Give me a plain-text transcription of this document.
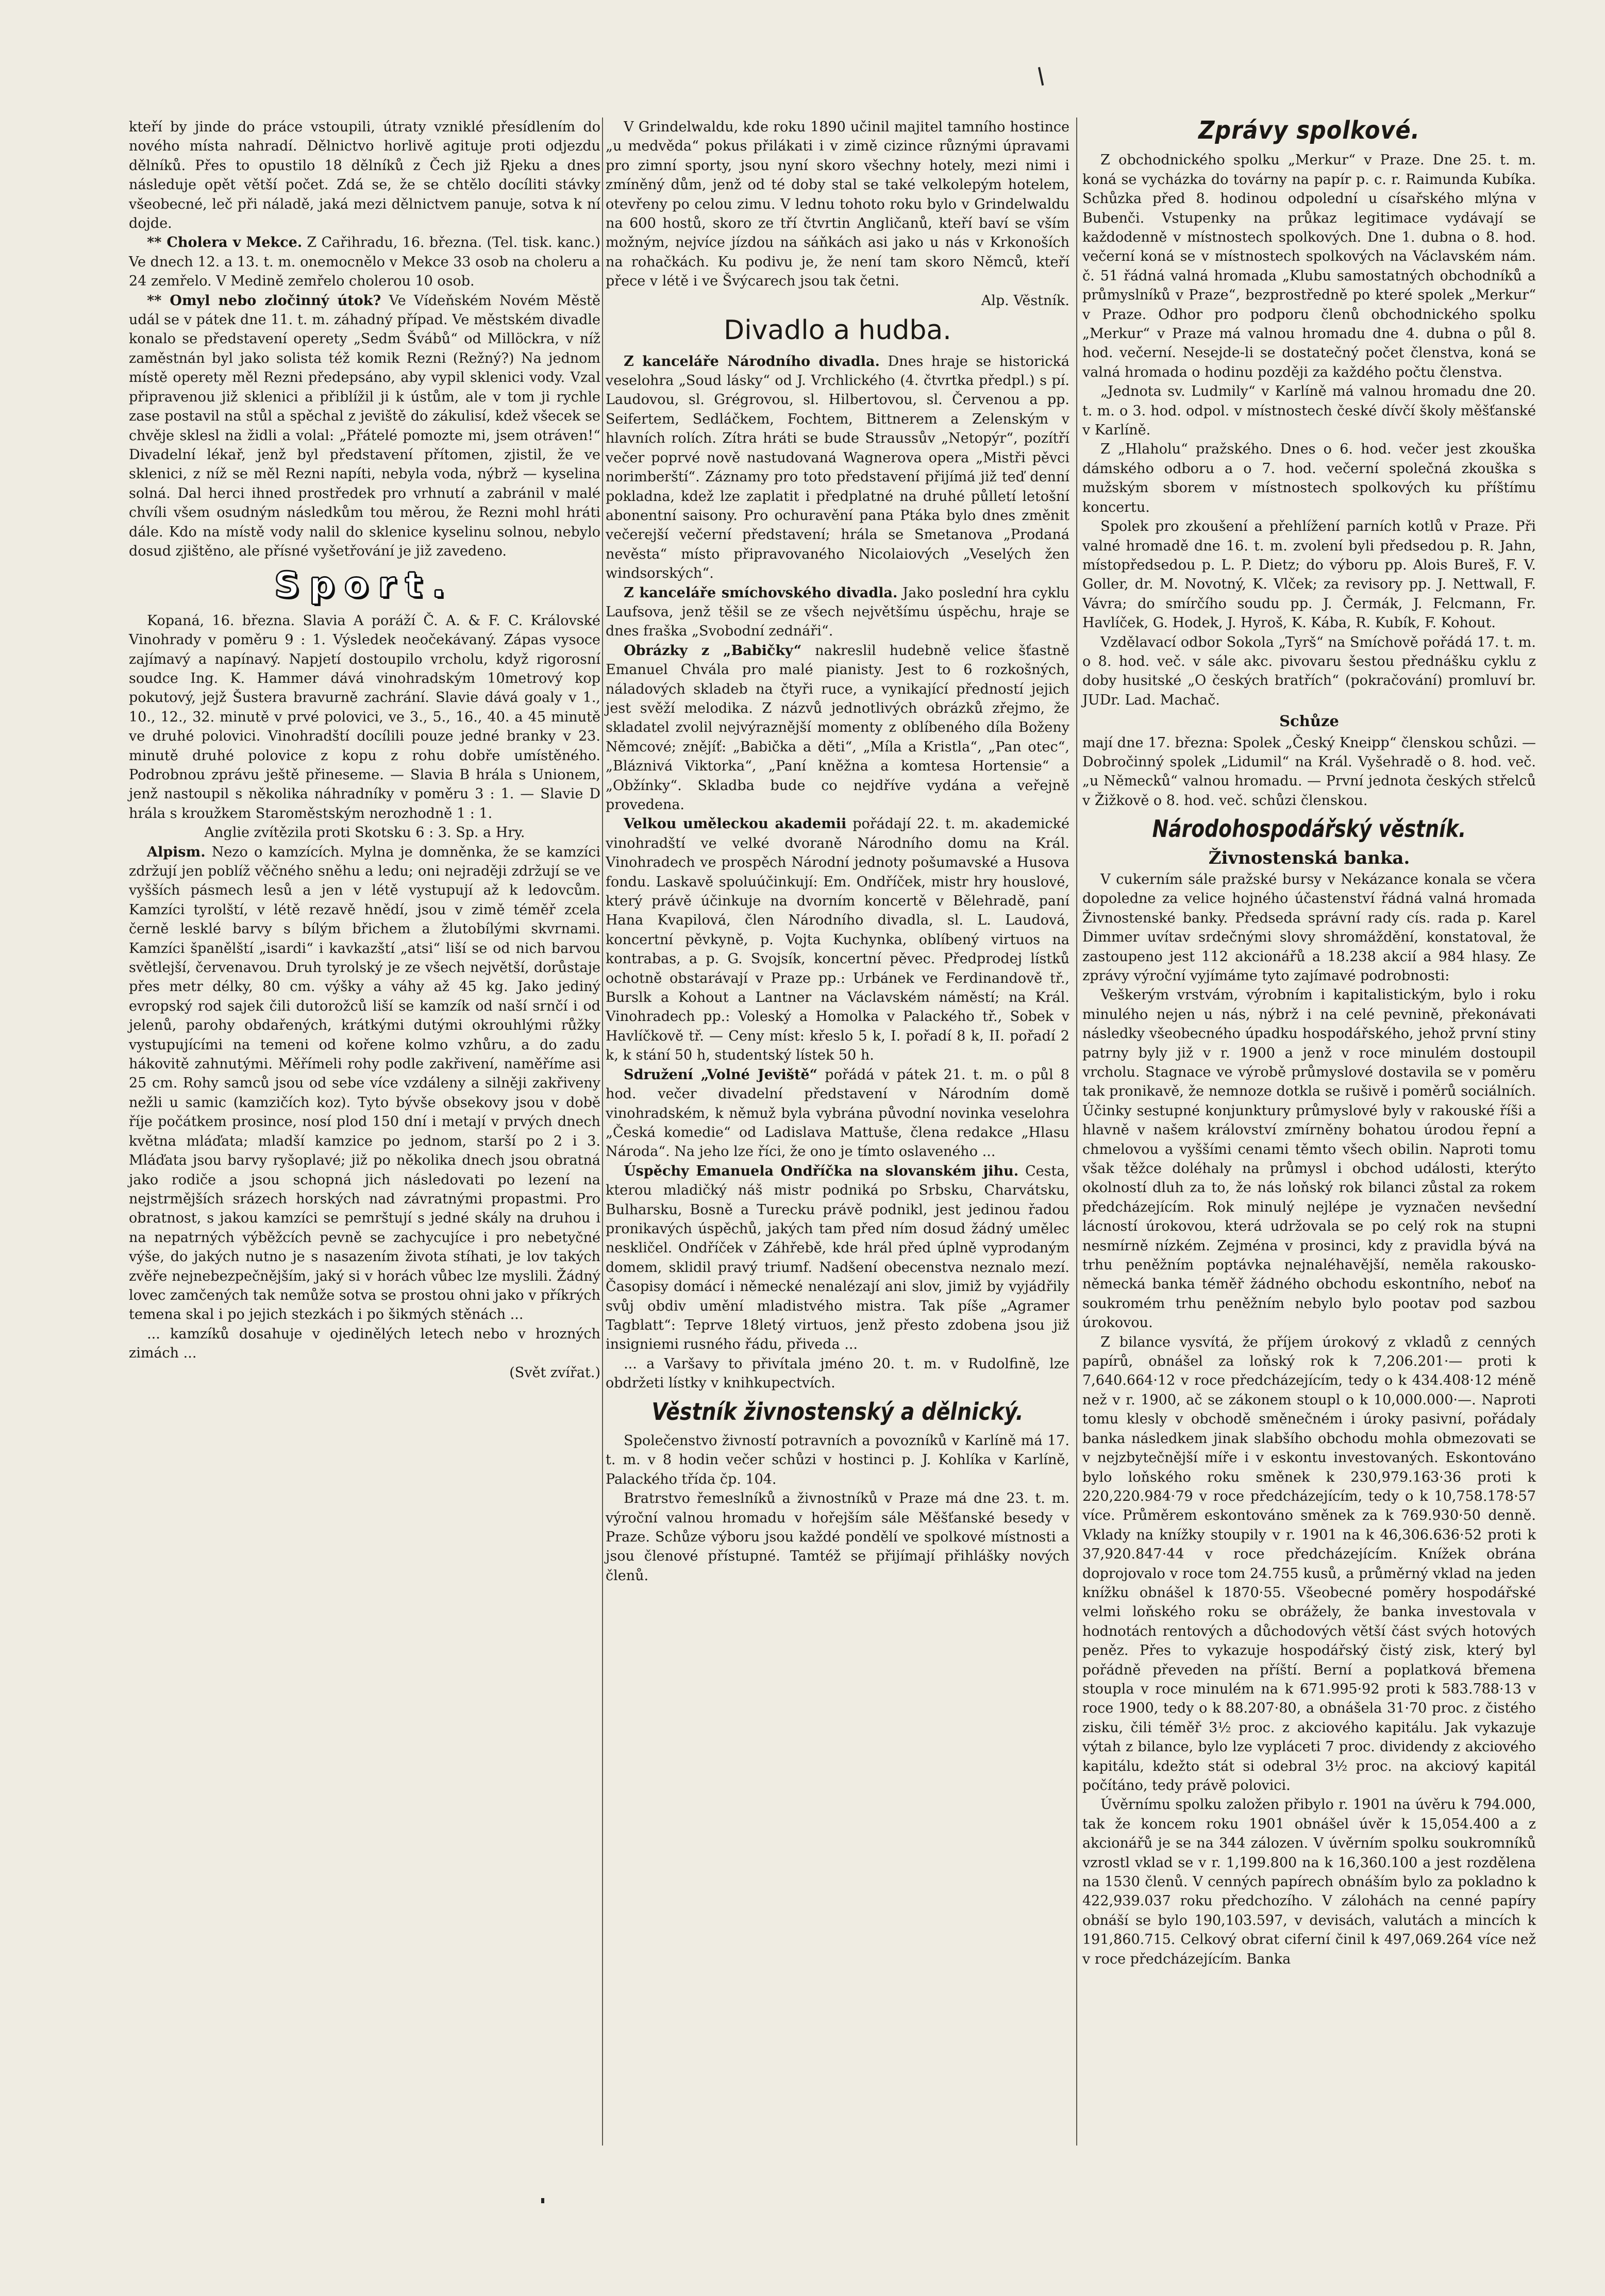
kteří by jinde do práce vstoupili, útraty vzniklé přesídlením do nového místa nahradí. Dělnictvo horlivě agituje proti odjezdu dělníků. Přes to opustilo 18 dělníků z Čech již Rjeku a dnes následuje opět větší počet. Zdá se, že se chtělo docíliti stávky všeobecné, leč při náladě, jaká mezi dělnictvem panuje, sotva k ní dojde.

** Cholera v Mekce. Z Cařihradu, 16. března. (Tel. tisk. kanc.) Ve dnech 12. a 13. t. m. onemocnělo v Mekce 33 osob na choleru a 24 zemřelo. V Medině zemřelo cholerou 10 osob.

** Omyl nebo zločinný útok? Ve Vídeňském Novém Městě udál se v pátek dne 11. t. m. záhadný případ. Ve městském divadle konalo se představení operety „Sedm Švábů“ od Millöckra, v níž zaměstnán byl jako solista též komik Rezni (Režný?) Na jednom místě operety měl Rezni předepsáno, aby vypil sklenici vody. Vzal připravenou již sklenici a přiblížil ji k ústům, ale v tom ji rychle zase postavil na stůl a spěchal z jeviště do zákulisí, kdež všecek se chvěje sklesl na židli a volal: „Přátelé pomozte mi, jsem otráven!“ Divadelní lékař, jenž byl představení přítomen, zjistil, že ve sklenici, z níž se měl Rezni napíti, nebyla voda, nýbrž — kyselina solná. Dal herci ihned prostředek pro vrhnutí a zabránil v malé chvíli všem osudným následkům tou měrou, že Rezni mohl hráti dále. Kdo na místě vody nalil do sklenice kyselinu solnou, nebylo dosud zjištěno, ale přísné vyšetřování je již zavedeno.

Sport.

Kopaná, 16. března. Slavia A poráží Č. A. & F. C. Královské Vinohrady v poměru 9 : 1. Výsledek neočekávaný. Zápas vysoce zajímavý a napínavý. Napjetí dostoupilo vrcholu, když rigorosní soudce Ing. K. Hammer dává vinohradským 10metrový kop pokutový, jejž Šustera bravurně zachrání. Slavie dává goaly v 1., 10., 12., 32. minutě v prvé polovici, ve 3., 5., 16., 40. a 45 minutě ve druhé polovici. Vinohradští docílili pouze jedné branky v 23. minutě druhé polovice z kopu z rohu dobře umístěného. Podrobnou zprávu ještě přineseme. — Slavia B hrála s Unionem, jenž nastoupil s několika náhradníky v poměru 3 : 1. — Slavie D hrála s kroužkem Staroměstským nerozhodně 1 : 1.

Anglie zvítězila proti Skotsku 6 : 3. Sp. a Hry.

Alpism. Nezo o kamzících. Mylna je domněnka, že se kamzíci zdržují jen poblíž věčného sněhu a ledu; oni nejraději zdržují se ve vyšších pásmech lesů a jen v létě vystupují až k ledovcům. Kamzíci tyrolští, v létě rezavě hnědí, jsou v zimě téměř zcela černě lesklé barvy s bílým břichem a žlutobílými skvrnami. Kamzíci španělští „isardi“ i kavkazští „atsi“ liší se od nich barvou světlejší, červenavou. Druh tyrolský je ze všech největší, dorůstaje přes metr délky, 80 cm. výšky a váhy až 45 kg. Jako jediný evropský rod sajek čili dutorožců liší se kamzík od naší srnčí i od jelenů, parohy obdařených, krátkými dutými okrouhlými růžky vystupujícími na temeni od kořene kolmo vzhůru, a do zadu hákovitě zahnutými. Měřímeli rohy podle zakřivení, naměříme asi 25 cm. Rohy samců jsou od sebe více vzdáleny a silněji zakřiveny nežli u samic (kamzičích koz). Tyto bývše obsekovy jsou v době říje počátkem prosince, nosí plod 150 dní i metají v prvých dnech května mláďata; mladší kamzice po jednom, starší po 2 i 3. Mláďata jsou barvy ryšoplavé; již po několika dnech jsou obratná jako rodiče a jsou schopná jich následovati po lezení na nejstrmějších srázech horských nad závratnými propastmi. Pro obratnost, s jakou kamzíci se pemrštují s jedné skály na druhou i na nepatrných výběžcích pevně se zachycujíce i pro nebetyčné výše, do jakých nutno je s nasazením života stíhati, je lov takých zvěře nejnebezpečnějším, jaký si v horách vůbec lze myslili. Žádný lovec zamčených tak nemůže sotva se prostou ohni jako v příkrých temena skal i po jejich stezkách i po šikmých stěnách ...

... kamzíků dosahuje v ojedinělých letech nebo v hrozných zimách ...

(Svět zvířat.)

V Grindelwaldu, kde roku 1890 učinil majitel tamního hostince „u medvěda“ pokus přilákati i v zimě cizince různými úpravami pro zimní sporty, jsou nyní skoro všechny hotely, mezi nimi i zmíněný dům, jenž od té doby stal se také velkolepým hotelem, otevřeny po celou zimu. V lednu tohoto roku bylo v Grindelwaldu na 600 hostů, skoro ze tří čtvrtin Angličanů, kteří baví se vším možným, nejvíce jízdou na sáňkách asi jako u nás v Krkonoších na rohačkách. Ku podivu je, že není tam skoro Němců, kteří přece v létě i ve Švýcarech jsou tak četni.

Alp. Věstník.
Divadlo a hudba.

Z kanceláře Národního divadla. Dnes hraje se historická veselohra „Soud lásky“ od J. Vrchlického (4. čtvrtka předpl.) s pí. Laudovou, sl. Grégrovou, sl. Hilbertovou, sl. Červenou a pp. Seifertem, Sedláčkem, Fochtem, Bittnerem a Zelenským v hlavních rolích. Zítra hráti se bude Straussův „Netopýr“, pozítří večer poprvé nově nastudovaná Wagnerova opera „Mistři pěvci norimberští“. Záznamy pro toto představení přijímá již teď denní pokladna, kdež lze zaplatit i předplatné na druhé půlletí letošní abonentní saisony. Pro ochuravění pana Ptáka bylo dnes změnit večerejší večerní představení; hrála se Smetanova „Prodaná nevěsta“ místo připravovaného Nicolaiových „Veselých žen windsorských“.

Z kanceláře smíchovského divadla. Jako poslední hra cyklu Laufsova, jenž těšil se ze všech největšímu úspěchu, hraje se dnes fraška „Svobodní zednáři“.

Obrázky z „Babičky“ nakreslil hudebně velice šťastně Emanuel Chvála pro malé pianisty. Jest to 6 rozkošných, náladových skladeb na čtyři ruce, a vynikající předností jejich jest svěží melodika. Z názvů jednotlivých obrázků zřejmo, že skladatel zvolil nejvýraznější momenty z oblíbeného díla Boženy Němcové; znějíť: „Babička a děti“, „Míla a Kristla“, „Pan otec“, „Bláznivá Viktorka“, „Paní kněžna a komtesa Hortensie“ a „Obžínky“. Skladba bude co nejdříve vydána a veřejně provedena.

Velkou uměleckou akademii pořádají 22. t. m. akademické vinohradští ve velké dvoraně Národního domu na Král. Vinohradech ve prospěch Národní jednoty pošumavské a Husova fondu. Laskavě spoluúčinkují: Em. Ondříček, mistr hry houslové, který právě účinkuje na dvorním koncertě v Bělehradě, paní Hana Kvapilová, člen Národního divadla, sl. L. Laudová, koncertní pěvkyně, p. Vojta Kuchynka, oblíbený virtuos na kontrabas, a p. G. Svojsík, koncertní pěvec. Předprodej lístků ochotně obstarávají v Praze pp.: Urbánek ve Ferdinandově tř., Burslk a Kohout a Lantner na Václavském náměstí; na Král. Vinohradech pp.: Voleský a Homolka v Palackého tř., Sobek v Havlíčkově tř. — Ceny míst: křeslo 5 k, I. pořadí 8 k, II. pořadí 2 k, k stání 50 h, studentský lístek 50 h.

Sdružení „Volné Jeviště“ pořádá v pátek 21. t. m. o půl 8 hod. večer divadelní představení v Národním domě vinohradském, k němuž byla vybrána původní novinka veselohra „Česká komedie“ od Ladislava Mattuše, člena redakce „Hlasu Národa“. Na jeho lze říci, že ono je tímto oslaveného ...

Úspěchy Emanuela Ondříčka na slovanském jihu. Cesta, kterou mladičký náš mistr podniká po Srbsku, Charvátsku, Bulharsku, Bosně a Turecku právě podnikl, jest jedinou řadou pronikavých úspěchů, jakých tam před ním dosud žádný umělec neskličel. Ondříček v Záhřebě, kde hrál před úplně vyprodaným domem, sklidil pravý triumf. Nadšení obecenstva neznalo mezí. Časopisy domácí i německé nenalézají ani slov, jimiž by vyjádřily svůj obdiv umění mladistvého mistra. Tak píše „Agramer Tagblatt“: Teprve 18letý virtuos, jenž přesto zdobena jsou již insigniemi rusného řádu, přiveda ...

... a Varšavy to přivítala jméno 20. t. m. v Rudolfině, lze obdržeti lístky v knihkupectvích.

Věstník živnostenský a dělnický.

Společenstvo živností potravních a povozníků v Karlíně má 17. t. m. v 8 hodin večer schůzi v hostinci p. J. Kohlíka v Karlíně, Palackého třída čp. 104.

Bratrstvo řemeslníků a živnostníků v Praze má dne 23. t. m. výroční valnou hromadu v hořejším sále Měšťanské besedy v Praze. Schůze výboru jsou každé pondělí ve spolkové místnosti a jsou členové přístupné. Tamtéž se přijímají přihlášky nových členů.

Zprávy spolkové.

Z obchodnického spolku „Merkur“ v Praze. Dne 25. t. m. koná se vycházka do továrny na papír p. c. r. Raimunda Kubíka. Schůzka před 8. hodinou odpolední u císařského mlýna v Bubenči. Vstupenky na průkaz legitimace vydávají se každodenně v místnostech spolkových. Dne 1. dubna o 8. hod. večerní koná se v místnostech spolkových na Václavském nám. č. 51 řádná valná hromada „Klubu samostatných obchodníků a průmyslníků v Praze“, bezprostředně po které spolek „Merkur“ v Praze. Odhor pro podporu členů obchodnického spolku „Merkur“ v Praze má valnou hromadu dne 4. dubna o půl 8. hod. večerní. Nesejde-li se dostatečný počet členstva, koná se valná hromada o hodinu později za každého počtu členstva.

„Jednota sv. Ludmily“ v Karlíně má valnou hromadu dne 20. t. m. o 3. hod. odpol. v místnostech české dívčí školy měšťanské v Karlíně.

Z „Hlaholu“ pražského. Dnes o 6. hod. večer jest zkouška dámského odboru a o 7. hod. večerní společná zkouška s mužským sborem v místnostech spolkových ku příštímu koncertu.

Spolek pro zkoušení a přehlížení parních kotlů v Praze. Při valné hromadě dne 16. t. m. zvolení byli předsedou p. R. Jahn, místopředsedou p. L. P. Dietz; do výboru pp. Alois Bureš, F. V. Goller, dr. M. Novotný, K. Vlček; za revisory pp. J. Nettwall, F. Vávra; do smírčího soudu pp. J. Čermák, J. Felcmann, Fr. Havlíček, G. Hodek, J. Hyroš, K. Kába, R. Kubík, F. Kohout.

Vzdělavací odbor Sokola „Tyrš“ na Smíchově pořádá 17. t. m. o 8. hod. več. v sále akc. pivovaru šestou přednášku cyklu z doby husitské „O českých bratřích“ (pokračování) promluví br. JUDr. Lad. Machač.

Schůze

mají dne 17. března: Spolek „Český Kneipp“ členskou schůzi. — Dobročinný spolek „Lidumil“ na Král. Vyšehradě o 8. hod. več. „u Německů“ valnou hromadu. — První jednota českých střelců v Žižkově o 8. hod. več. schůzi členskou.

Národohospodářský věstník.
Živnostenská banka.

V cukerním sále pražské bursy v Nekázance konala se včera dopoledne za velice hojného účastenství řádná valná hromada Živnostenské banky. Předseda správní rady cís. rada p. Karel Dimmer uvítav srdečnými slovy shromáždění, konstatoval, že zastoupeno jest 112 akcionářů a 18.238 akcií a 984 hlasy. Ze zprávy výroční vyjímáme tyto zajímavé podrobnosti:

Veškerým vrstvám, výrobním i kapitalistickým, bylo i roku minulého nejen u nás, nýbrž i na celé pevnině, překonávati následky všeobecného úpadku hospodářského, jehož první stiny patrny byly již v r. 1900 a jenž v roce minulém dostoupil vrcholu. Stagnace ve výrobě průmyslové dostavila se v poměru tak pronikavě, že nemnoze dotkla se rušivě i poměrů sociálních. Účinky sestupné konjunktury průmyslové byly v rakouské říši a hlavně v našem království zmírněny bohatou úrodou řepní a chmelovou a vyššími cenami těmto všech obilin. Naproti tomu však těžce doléhaly na průmysl i obchod události, kterýto okolností dluh za to, že nás loňský rok bilanci zůstal za rokem předcházejícím. Rok minulý nejlépe je vyznačen nevšední lácností úrokovou, která udržovala se po celý rok na stupni nesmírně nízkém. Zejména v prosinci, kdy z pravidla bývá na trhu peněžním poptávka nejnaléhavější, neměla rakousko-německá banka téměř žádného obchodu eskontního, neboť na soukromém trhu peněžním nebylo bylo pootav pod sazbou úrokovou.

Z bilance vysvítá, že příjem úrokový z vkladů z cenných papírů, obnášel za loňský rok k 7,206.201·— proti k 7,640.664·12 v roce předcházejícím, tedy o k 434.408·12 méně než v r. 1900, ač se zákonem stoupl o k 10,000.000·—. Naproti tomu klesly v obchodě směnečném i úroky pasivní, pořádaly banka následkem jinak slabšího obchodu mohla obmezovati se v nejzbytečnější míře i v eskontu investovaných. Eskontováno bylo loňského roku směnek k 230,979.163·36 proti k 220,220.984·79 v roce předcházejícím, tedy o k 10,758.178·57 více. Průměrem eskontováno směnek za k 769.930·50 denně. Vklady na knížky stoupily v r. 1901 na k 46,306.636·52 proti k 37,920.847·44 v roce předcházejícím. Knížek obrána doprojovalo v roce tom 24.755 kusů, a průměrný vklad na jeden knížku obnášel k 1870·55. Všeobecné poměry hospodářské velmi loňského roku se obrážely, že banka investovala v hodnotách rentových a důchodových větší část svých hotových peněz. Přes to vykazuje hospodářský čistý zisk, který byl pořádně převeden na příští. Berní a poplatková břemena stoupla v roce minulém na k 671.995·92 proti k 583.788·13 v roce 1900, tedy o k 88.207·80, a obnášela 31·70 proc. z čistého zisku, čili téměř 3½ proc. z akciového kapitálu. Jak vykazuje výtah z bilance, bylo lze vypláceti 7 proc. dividendy z akciového kapitálu, kdežto stát si odebral 3½ proc. na akciový kapitál počítáno, tedy právě polovici.

Úvěrnímu spolku založen přibylo r. 1901 na úvěru k 794.000, tak že koncem roku 1901 obnášel úvěr k 15,054.400 a z akcionářů je se na 344 zálozen. V úvěrním spolku soukromníků vzrostl vklad se v r. 1,199.800 na k 16,360.100 a jest rozdělena na 1530 členů. V cenných papírech obnáším bylo za pokladno k 422,939.037 roku předchozího. V zálohách na cenné papíry obnáší se bylo 190,103.597, v devisách, valutách a mincích k 191,860.715. Celkový obrat ciferní činil k 497,069.264 více než v roce předcházejícím. Banka
